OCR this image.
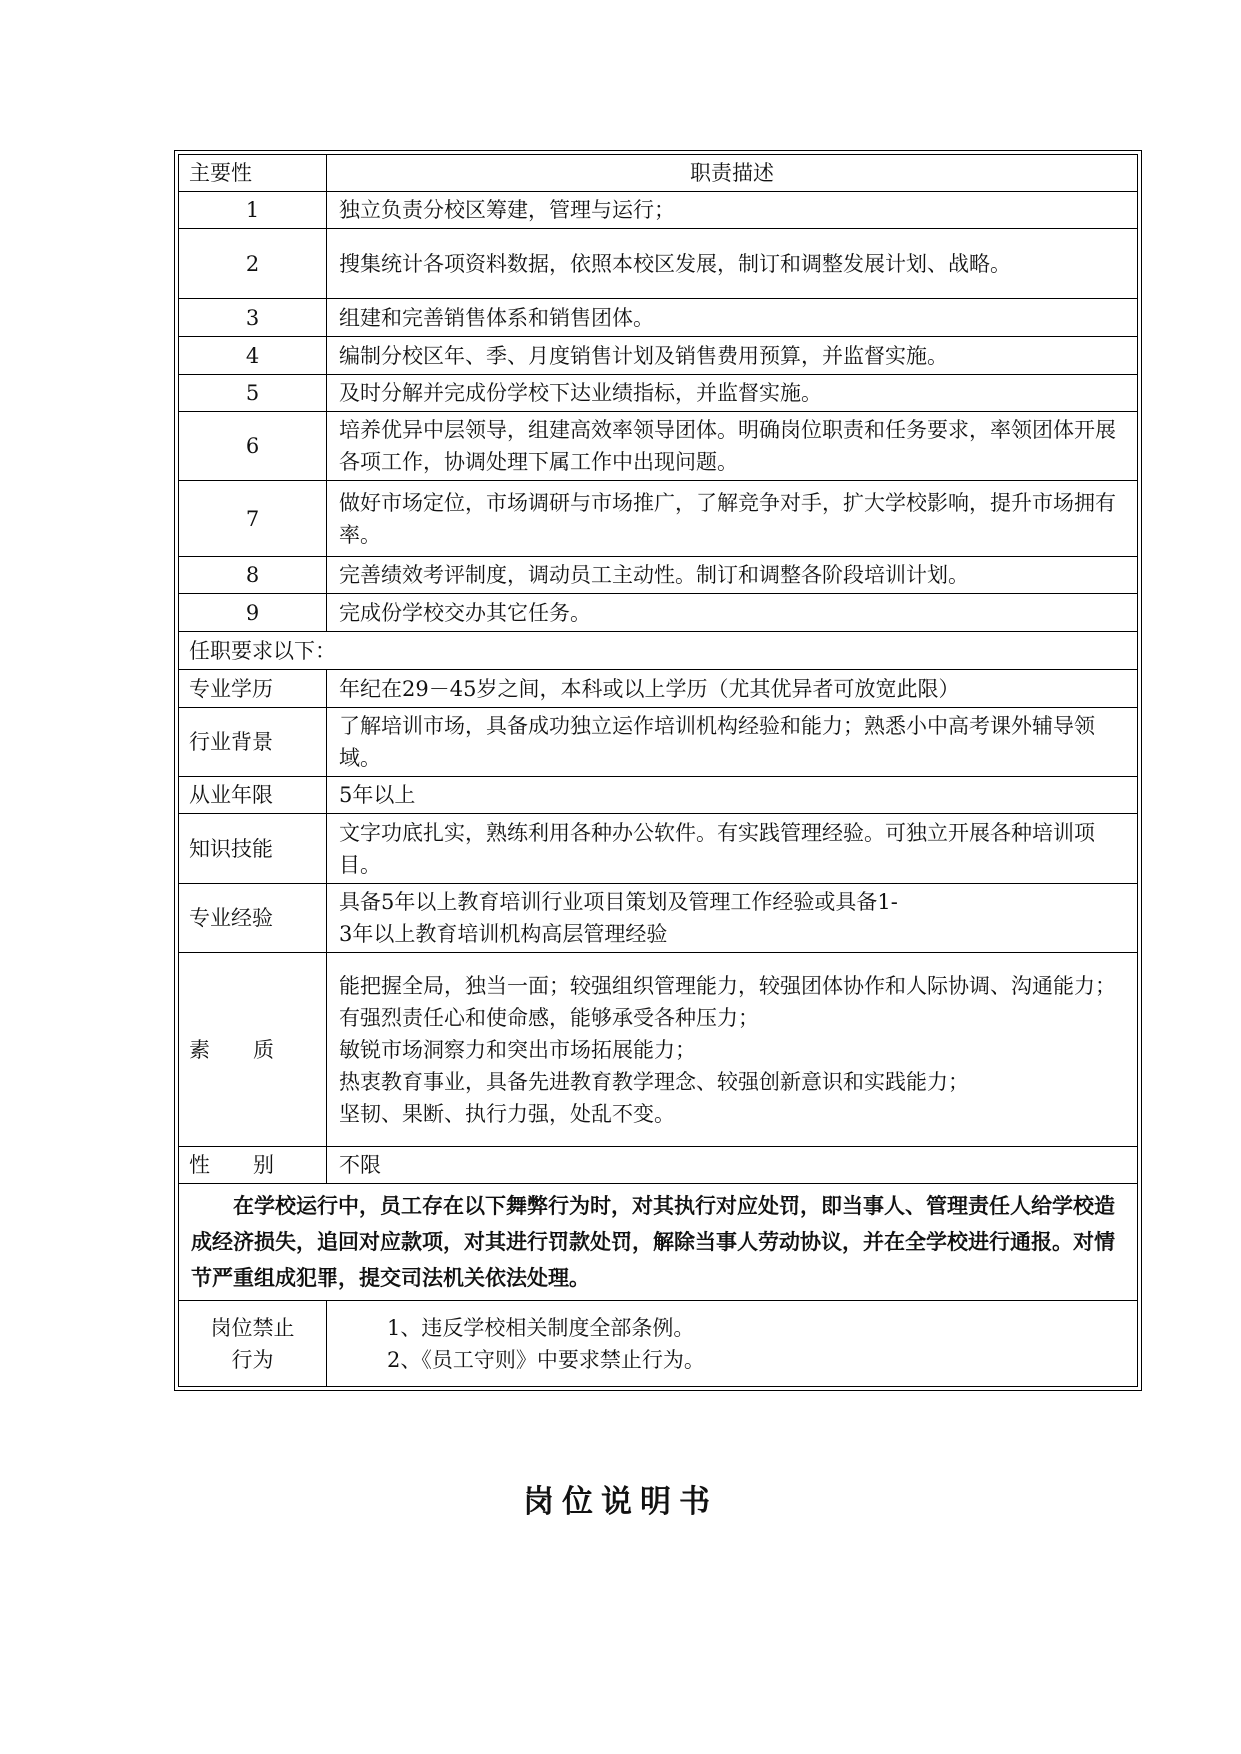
主要性	职责描述
1	独立负责分校区筹建，管理与运行；
2	搜集统计各项资料数据，依照本校区发展，制订和调整发展计划、战略。
3	组建和完善销售体系和销售团体。
4	编制分校区年、季、月度销售计划及销售费用预算，并监督实施。
5	及时分解并完成份学校下达业绩指标，并监督实施。
6	培养优异中层领导，组建高效率领导团体。明确岗位职责和任务要求，率领团体开展各项工作，协调处理下属工作中出现问题。
7	做好市场定位，市场调研与市场推广，了解竞争对手，扩大学校影响，提升市场拥有率。
8	完善绩效考评制度，调动员工主动性。制订和调整各阶段培训计划。
9	完成份学校交办其它任务。
任职要求以下：	
专业学历	年纪在29－45岁之间，本科或以上学历（尤其优异者可放宽此限）
行业背景	了解培训市场，具备成功独立运作培训机构经验和能力；熟悉小中高考课外辅导领域。
从业年限	5年以上
知识技能	文字功底扎实，熟练利用各种办公软件。有实践管理经验。可独立开展各种培训项目。
专业经验	具备5年以上教育培训行业项目策划及管理工作经验或具备1-
3年以上教育培训机构高层管理经验

素 质	能把握全局，独当一面；较强组织管理能力，较强团体协作和人际协调、沟通能力；
有强烈责任心和使命感，能够承受各种压力；
敏锐市场洞察力和突出市场拓展能力；
热衷教育事业，具备先进教育教学理念、较强创新意识和实践能力；
坚韧、果断、执行力强，处乱不变。

性 别	不限
在学校运行中，员工存在以下舞弊行为时，对其执行对应处罚，即当事人、管理责任人给学校造成经济损失，追回对应款项，对其进行罚款处罚，解除当事人劳动协议，并在全学校进行通报。对情节严重组成犯罪，提交司法机关依法处理。	

岗位禁止
行为	1、违反学校相关制度全部条例。
2、《员工守则》中要求禁止行为。
岗位说明书
